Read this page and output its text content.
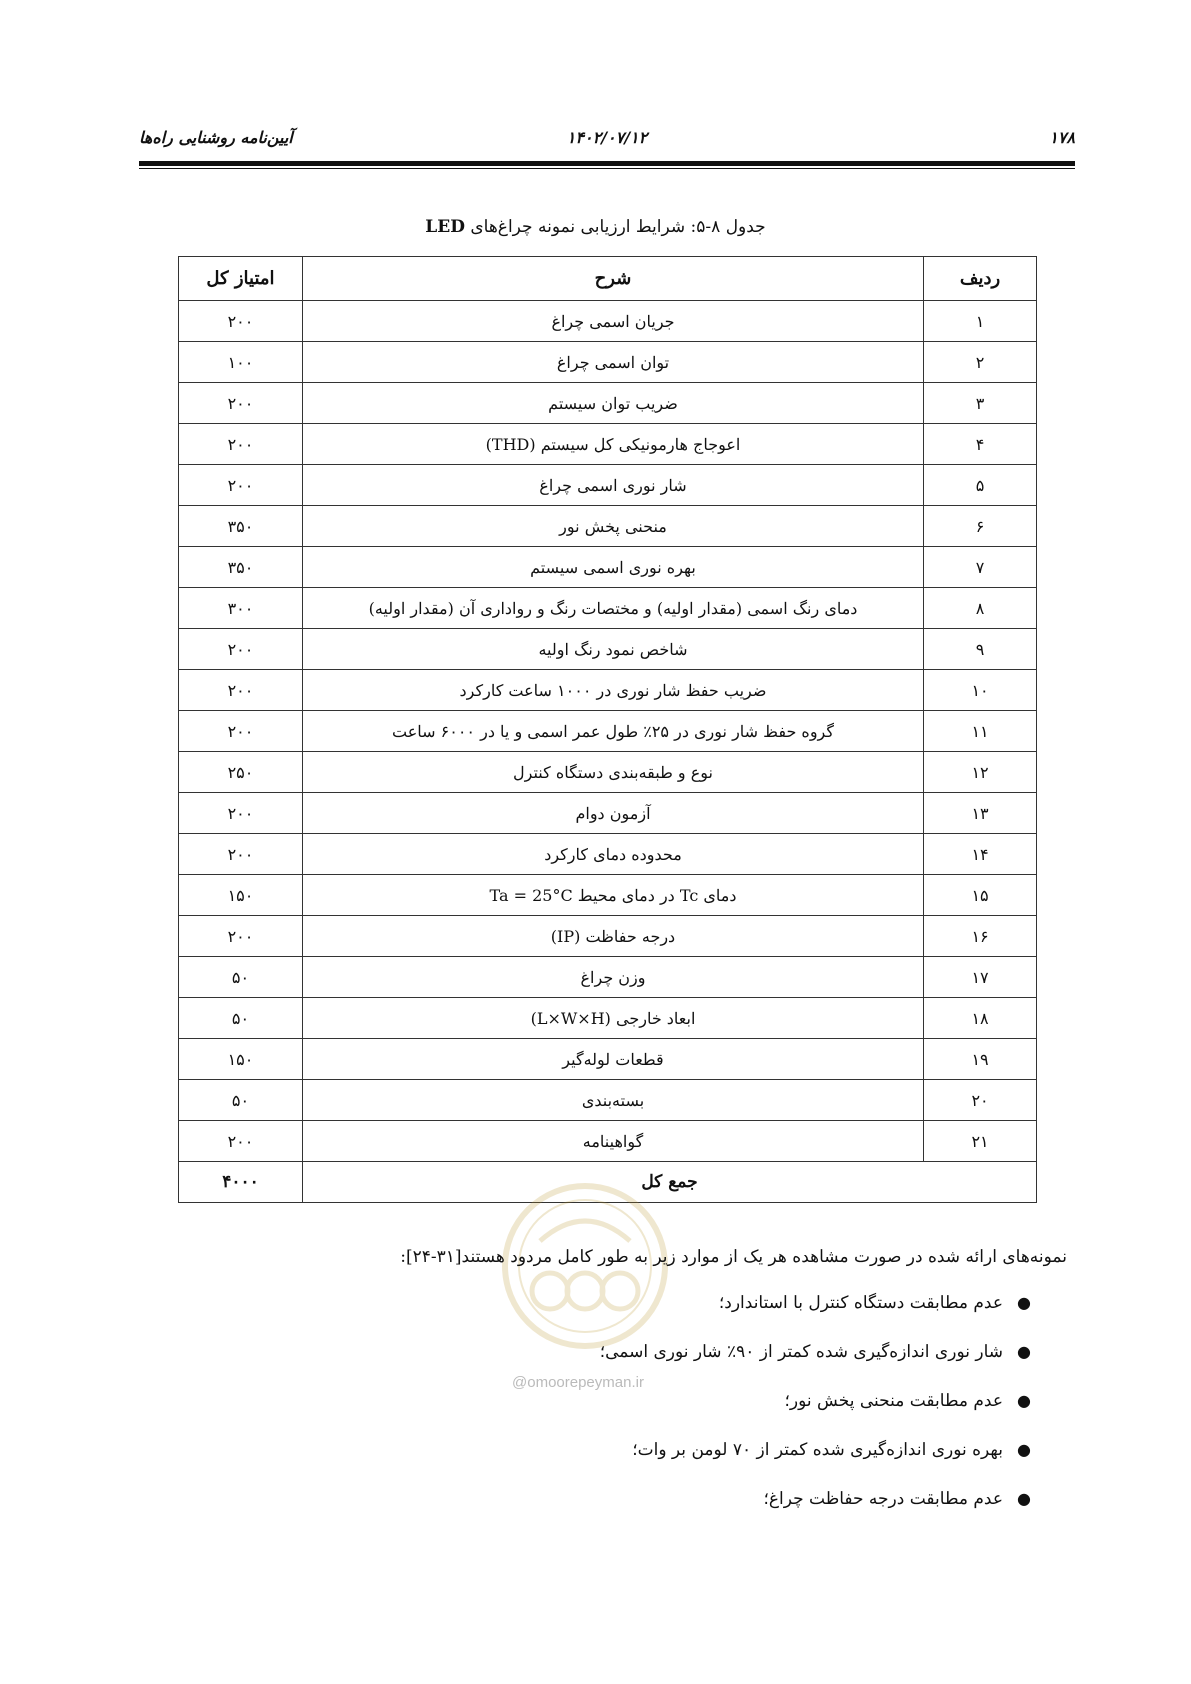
۱۷۸
۱۴۰۲/۰۷/۱۲
آیین‌نامه روشنایی راه‌ها
جدول ۸-۵: شرایط ارزیابی نمونه چراغ‌های LED
ردیف	شرح	امتیاز کل
۱	جریان اسمی چراغ	۲۰۰
۲	توان اسمی چراغ	۱۰۰
۳	ضریب توان سیستم	۲۰۰
۴	اعوجاج هارمونیکی کل سیستم (THD)	۲۰۰
۵	شار نوری اسمی چراغ	۲۰۰
۶	منحنی پخش نور	۳۵۰
۷	بهره نوری اسمی سیستم	۳۵۰
۸	دمای رنگ اسمی (مقدار اولیه) و مختصات رنگ و رواداری آن (مقدار اولیه)	۳۰۰
۹	شاخص نمود رنگ اولیه	۲۰۰
۱۰	ضریب حفظ شار نوری در ۱۰۰۰ ساعت کارکرد	۲۰۰
۱۱	گروه حفظ شار نوری در ۲۵٪ طول عمر اسمی و یا در ۶۰۰۰ ساعت	۲۰۰
۱۲	نوع و طبقه‌بندی دستگاه کنترل	۲۵۰
۱۳	آزمون دوام	۲۰۰
۱۴	محدوده دمای کارکرد	۲۰۰
۱۵	دمای Tc در دمای محیط Ta = 25°C	۱۵۰
۱۶	درجه حفاظت (IP)	۲۰۰
۱۷	وزن چراغ	۵۰
۱۸	ابعاد خارجی (L×W×H)	۵۰
۱۹	قطعات لوله‌گیر	۱۵۰
۲۰	بسته‌بندی	۵۰
۲۱	گواهینامه	۲۰۰
جمع کل		۴۰۰۰
@omoorepeyman.ir
نمونه‌های ارائه شده در صورت مشاهده هر یک از موارد زیر به طور کامل مردود هستند[۳۱-۲۴]:
●
عدم مطابقت دستگاه کنترل با استاندارد؛
●
شار نوری اندازه‌گیری شده کمتر از ۹۰٪ شار نوری اسمی؛
●
عدم مطابقت منحنی پخش نور؛
●
بهره نوری اندازه‌گیری شده کمتر از ۷۰ لومن بر وات؛
●
عدم مطابقت درجه حفاظت چراغ؛
